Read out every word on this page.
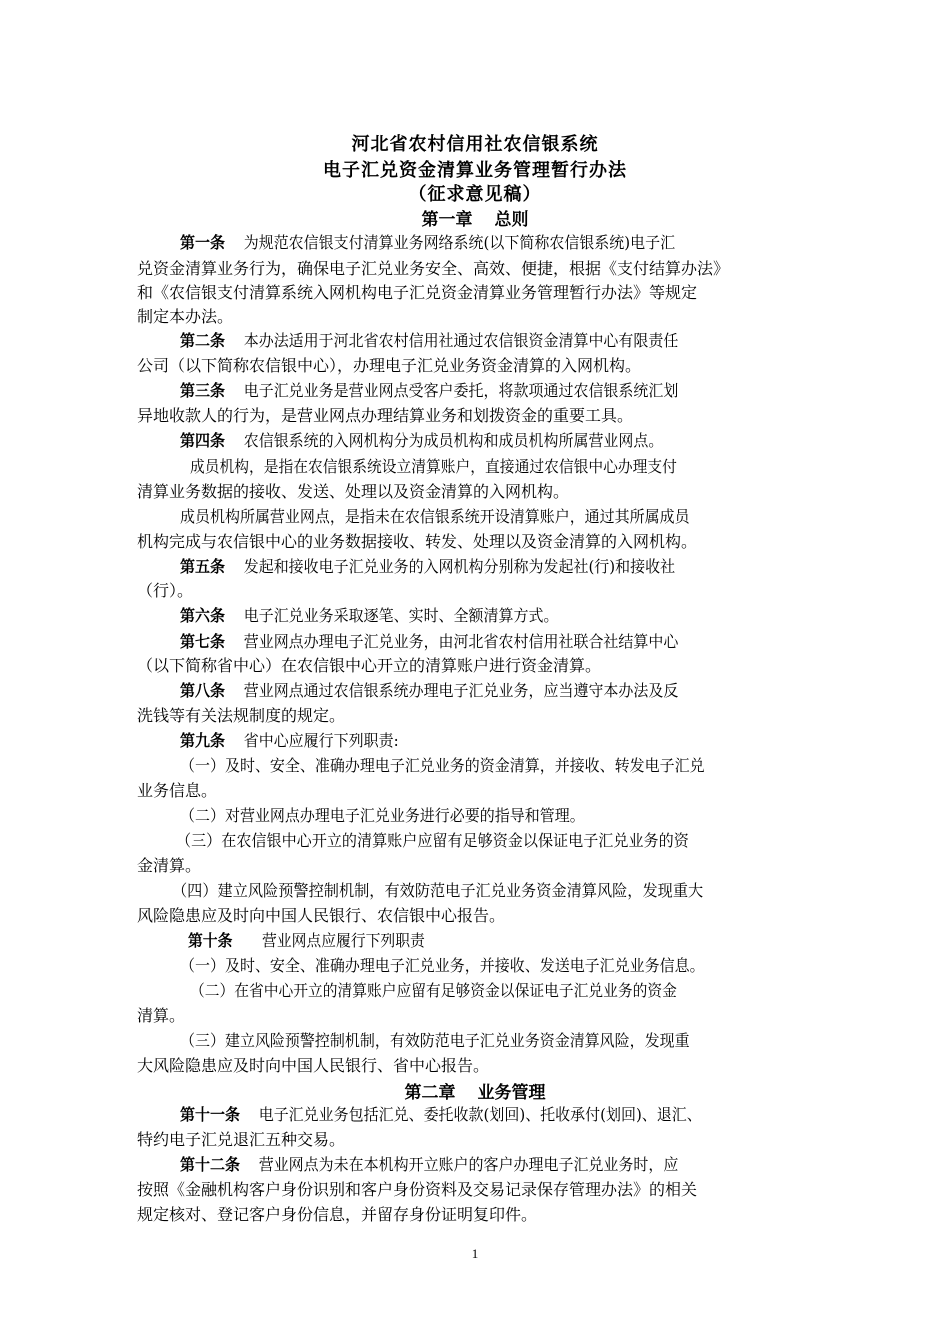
河北省农村信用社农信银系统
电子汇兑资金清算业务管理暂行办法
（征求意见稿）
第一章 总则
第一条 为规范农信银支付清算业务网络系统(以下简称农信银系统)电子汇
兑资金清算业务行为，确保电子汇兑业务安全、高效、便捷，根据《支付结算办法》
和《农信银支付清算系统入网机构电子汇兑资金清算业务管理暂行办法》等规定
制定本办法。
第二条 本办法适用于河北省农村信用社通过农信银资金清算中心有限责任
公司（以下简称农信银中心），办理电子汇兑业务资金清算的入网机构。
第三条 电子汇兑业务是营业网点受客户委托，将款项通过农信银系统汇划
异地收款人的行为，是营业网点办理结算业务和划拨资金的重要工具。
第四条 农信银系统的入网机构分为成员机构和成员机构所属营业网点。
成员机构，是指在农信银系统设立清算账户，直接通过农信银中心办理支付
清算业务数据的接收、发送、处理以及资金清算的入网机构。
成员机构所属营业网点，是指未在农信银系统开设清算账户，通过其所属成员
机构完成与农信银中心的业务数据接收、转发、处理以及资金清算的入网机构。
第五条 发起和接收电子汇兑业务的入网机构分别称为发起社(行)和接收社
（行）。
第六条 电子汇兑业务采取逐笔、实时、全额清算方式。
第七条 营业网点办理电子汇兑业务，由河北省农村信用社联合社结算中心
（以下简称省中心）在农信银中心开立的清算账户进行资金清算。
第八条 营业网点通过农信银系统办理电子汇兑业务，应当遵守本办法及反
洗钱等有关法规制度的规定。
第九条 省中心应履行下列职责:
（一）及时、安全、准确办理电子汇兑业务的资金清算，并接收、转发电子汇兑
业务信息。
（二）对营业网点办理电子汇兑业务进行必要的指导和管理。
（三）在农信银中心开立的清算账户应留有足够资金以保证电子汇兑业务的资
金清算。
（四）建立风险预警控制机制，有效防范电子汇兑业务资金清算风险，发现重大
风险隐患应及时向中国人民银行、农信银中心报告。
第十条 营业网点应履行下列职责
（一）及时、安全、准确办理电子汇兑业务，并接收、发送电子汇兑业务信息。
（二）在省中心开立的清算账户应留有足够资金以保证电子汇兑业务的资金
清算。
（三）建立风险预警控制机制，有效防范电子汇兑业务资金清算风险，发现重
大风险隐患应及时向中国人民银行、省中心报告。
第二章 业务管理
第十一条 电子汇兑业务包括汇兑、委托收款(划回)、托收承付(划回)、退汇、
特约电子汇兑退汇五种交易。
第十二条 营业网点为未在本机构开立账户的客户办理电子汇兑业务时，应
按照《金融机构客户身份识别和客户身份资料及交易记录保存管理办法》的相关
规定核对、登记客户身份信息，并留存身份证明复印件。
1
